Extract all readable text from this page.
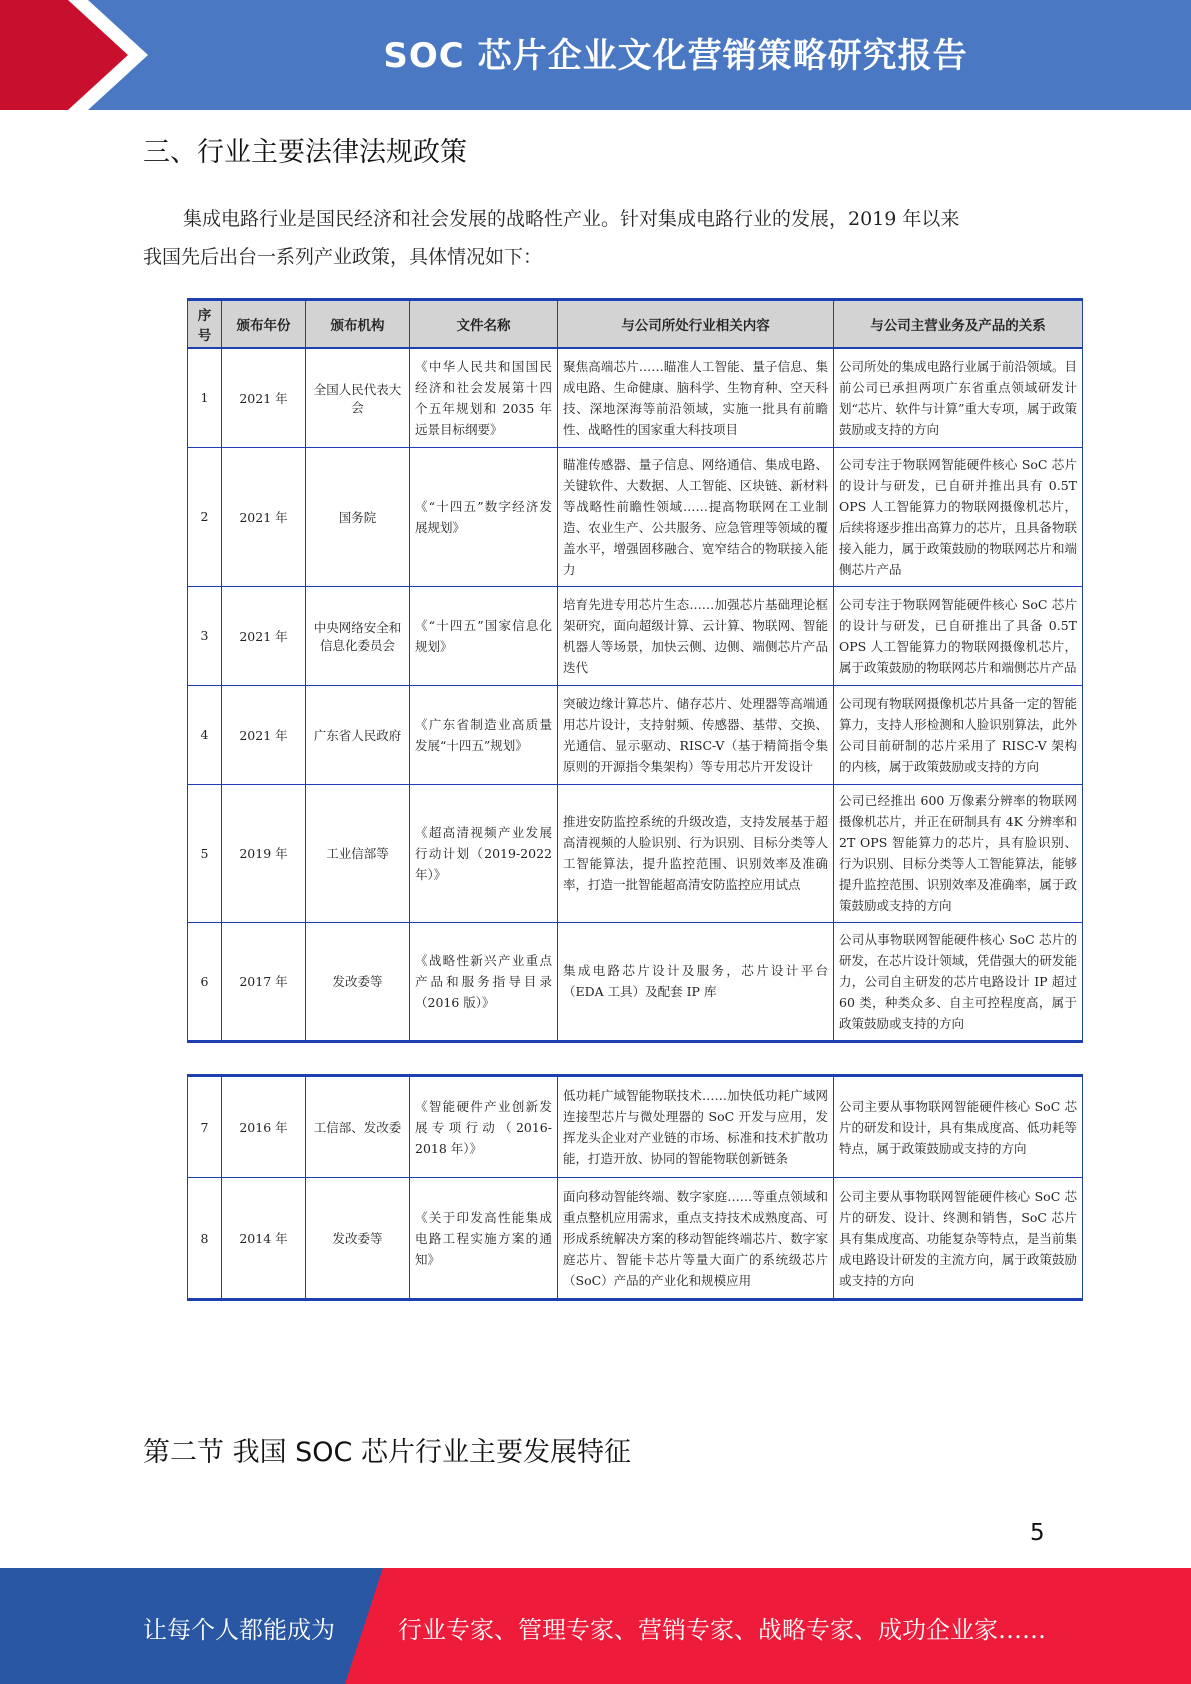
SOC 芯片企业文化营销策略研究报告
三、行业主要法律法规政策
集成电路行业是国民经济和社会发展的战略性产业。针对集成电路行业的发展，2019 年以来
我国先后出台一系列产业政策，具体情况如下：
序号	颁布年份	颁布机构	文件名称	与公司所处行业相关内容	与公司主营业务及产品的关系
1	2021 年	全国人民代表大会	《中华人民共和国国民经济和社会发展第十四个五年规划和 2035 年远景目标纲要》	聚焦高端芯片……瞄准人工智能、量子信息、集成电路、生命健康、脑科学、生物育种、空天科技、深地深海等前沿领域，实施一批具有前瞻性、战略性的国家重大科技项目	公司所处的集成电路行业属于前沿领域。目前公司已承担两项广东省重点领域研发计划“芯片、软件与计算”重大专项，属于政策鼓励或支持的方向
2	2021 年	国务院	《“十四五”数字经济发展规划》	瞄准传感器、量子信息、网络通信、集成电路、关键软件、大数据、人工智能、区块链、新材料等战略性前瞻性领域……提高物联网在工业制造、农业生产、公共服务、应急管理等领域的覆盖水平，增强固移融合、宽窄结合的物联接入能力	公司专注于物联网智能硬件核心 SoC 芯片的设计与研发，已自研并推出具有 0.5T OPS 人工智能算力的物联网摄像机芯片，后续将逐步推出高算力的芯片，且具备物联接入能力，属于政策鼓励的物联网芯片和端侧芯片产品
3	2021 年	中央网络安全和信息化委员会	《“十四五”国家信息化规划》	培育先进专用芯片生态……加强芯片基础理论框架研究，面向超级计算、云计算、物联网、智能机器人等场景，加快云侧、边侧、端侧芯片产品迭代	公司专注于物联网智能硬件核心 SoC 芯片的设计与研发，已自研推出了具备 0.5T OPS 人工智能算力的物联网摄像机芯片，属于政策鼓励的物联网芯片和端侧芯片产品
4	2021 年	广东省人民政府	《广东省制造业高质量发展“十四五”规划》	突破边缘计算芯片、储存芯片、处理器等高端通用芯片设计，支持射频、传感器、基带、交换、光通信、显示驱动、RISC-V（基于精简指令集原则的开源指令集架构）等专用芯片开发设计	公司现有物联网摄像机芯片具备一定的智能算力，支持人形检测和人脸识别算法，此外公司目前研制的芯片采用了 RISC-V 架构的内核，属于政策鼓励或支持的方向
5	2019 年	工业信部等	《超高清视频产业发展行动计划（2019-2022 年）》	推进安防监控系统的升级改造，支持发展基于超高清视频的人脸识别、行为识别、目标分类等人工智能算法，提升监控范围、识别效率及准确率，打造一批智能超高清安防监控应用试点	公司已经推出 600 万像素分辨率的物联网摄像机芯片，并正在研制具有 4K 分辨率和 2T OPS 智能算力的芯片，具有脸识别、行为识别、目标分类等人工智能算法，能够提升监控范围、识别效率及准确率，属于政策鼓励或支持的方向
6	2017 年	发改委等	《战略性新兴产业重点产品和服务指导目录（2016 版）》	集成电路芯片设计及服务，芯片设计平台（EDA 工具）及配套 IP 库	公司从事物联网智能硬件核心 SoC 芯片的研发，在芯片设计领域，凭借强大的研发能力，公司自主研发的芯片电路设计 IP 超过 60 类，种类众多、自主可控程度高，属于政策鼓励或支持的方向
7	2016 年	工信部、发改委	《智能硬件产业创新发展专项行动（2016-2018 年）》	低功耗广域智能物联技术……加快低功耗广域网连接型芯片与微处理器的 SoC 开发与应用，发挥龙头企业对产业链的市场、标准和技术扩散功能，打造开放、协同的智能物联创新链条	公司主要从事物联网智能硬件核心 SoC 芯片的研发和设计，具有集成度高、低功耗等特点，属于政策鼓励或支持的方向
8	2014 年	发改委等	《关于印发高性能集成电路工程实施方案的通知》	面向移动智能终端、数字家庭……等重点领域和重点整机应用需求，重点支持技术成熟度高、可形成系统解决方案的移动智能终端芯片、数字家庭芯片、智能卡芯片等量大面广的系统级芯片（SoC）产品的产业化和规模应用	公司主要从事物联网智能硬件核心 SoC 芯片的研发、设计、终测和销售，SoC 芯片具有集成度高、功能复杂等特点，是当前集成电路设计研发的主流方向，属于政策鼓励或支持的方向
第二节 我国 SOC 芯片行业主要发展特征
5
让每个人都能成为	行业专家、管理专家、营销专家、战略专家、成功企业家……
